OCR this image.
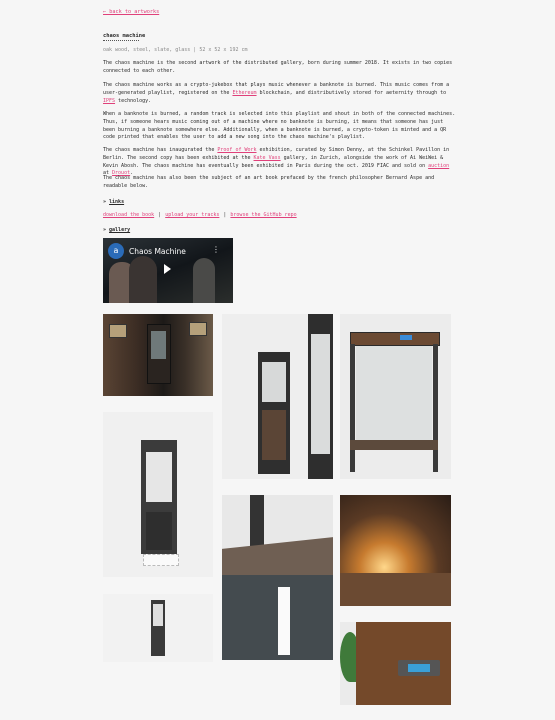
← back to artworks
chaos machine
oak wood, steel, slate, glass | 52 x 52 x 192 cm
The chaos machine is the second artwork of the distributed gallery, born during summer 2018. It exists in two copies connected to each other.
The chaos machine works as a crypto-jukebox that plays music whenever a banknote is burned. This music comes from a user-generated playlist, registered on the Ethereum blockchain, and distributively stored for aeternity through to IPFS technology.
When a banknote is burned, a random track is selected into this playlist and shout in both of the connected machines. Thus, if someone hears music coming out of a machine where no banknote is burning, it means that someone has just been burning a banknote somewhere else. Additionally, when a banknote is burned, a crypto-token is minted and a QR code printed that enables the user to add a new song into the chaos machine's playlist.
The chaos machine has inaugurated the Proof of Work exhibition, curated by Simon Denny, at the Schinkel Pavillon in Berlin. The second copy has been exhibited at the Kate Vass gallery, in Zurich, alongside the work of Ai WeiWei & Kevin Abosh. The chaos machine has eventually been exhibited in Paris during the oct. 2019 FIAC and sold on auction at Drouot.
The chaos machine has also been the subject of an art book prefaced by the french philosopher Bernard Aspe and readable below.
» links
download the book | upload your tracks | browse the GitHub repo
» gallery
a	Chaos Machine	⋮
